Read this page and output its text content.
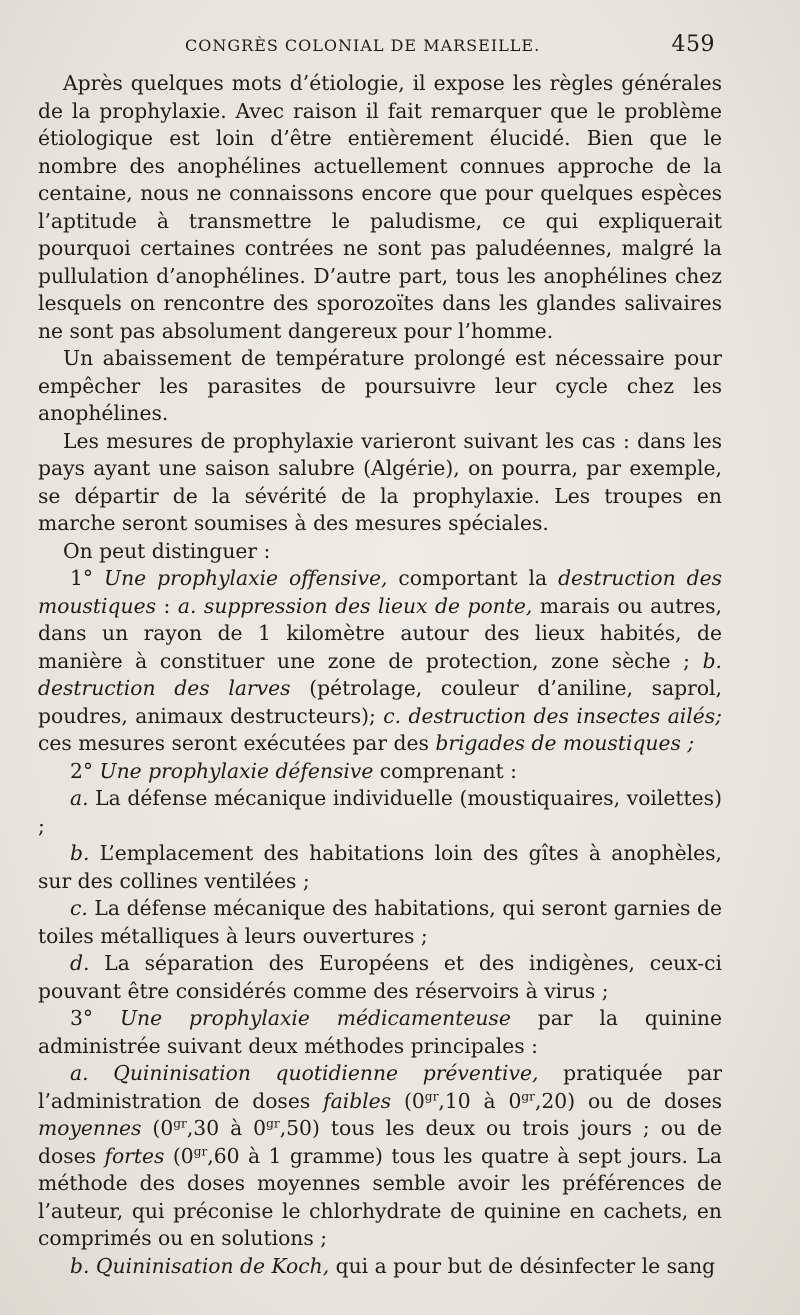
CONGRÈS COLONIAL DE MARSEILLE.	459

Après quelques mots d’étiologie, il expose les règles générales de la prophylaxie. Avec raison il fait remarquer que le problème étiologique est loin d’être entièrement élucidé. Bien que le nombre des anophélines actuellement connues approche de la centaine, nous ne connaissons encore que pour quelques espèces l’aptitude à transmettre le paludisme, ce qui expliquerait pourquoi certaines contrées ne sont pas paludéennes, malgré la pullulation d’anophélines. D’autre part, tous les anophélines chez lesquels on rencontre des sporozoïtes dans les glandes salivaires ne sont pas absolument dangereux pour l’homme.

Un abaissement de température prolongé est nécessaire pour empêcher les parasites de poursuivre leur cycle chez les anophélines.

Les mesures de prophylaxie varieront suivant les cas : dans les pays ayant une saison salubre (Algérie), on pourra, par exemple, se départir de la sévérité de la prophylaxie. Les troupes en marche seront soumises à des mesures spéciales.

On peut distinguer :

1° Une prophylaxie offensive, comportant la destruction des moustiques : a. suppression des lieux de ponte, marais ou autres, dans un rayon de 1 kilomètre autour des lieux habités, de manière à constituer une zone de protection, zone sèche ; b. destruction des larves (pétrolage, couleur d’aniline, saprol, poudres, animaux destructeurs); c. destruction des insectes ailés; ces mesures seront exécutées par des brigades de moustiques ;

2° Une prophylaxie défensive comprenant :

a. La défense mécanique individuelle (moustiquaires, voilettes) ;

b. L’emplacement des habitations loin des gîtes à anophèles, sur des collines ventilées ;

c. La défense mécanique des habitations, qui seront garnies de toiles métalliques à leurs ouvertures ;

d. La séparation des Européens et des indigènes, ceux-ci pouvant être considérés comme des réservoirs à virus ;

3° Une prophylaxie médicamenteuse par la quinine administrée suivant deux méthodes principales :

a. Quininisation quotidienne préventive, pratiquée par l’administration de doses faibles ($0^{gr},10$ à $0^{gr},20$) ou de doses moyennes ($0^{gr},30$ à $0^{gr},50$) tous les deux ou trois jours ; ou de doses fortes ($0^{gr},60$ à 1 gramme) tous les quatre à sept jours. La méthode des doses moyennes semble avoir les préférences de l’auteur, qui préconise le chlorhydrate de quinine en cachets, en comprimés ou en solutions ;

b. Quininisation de Koch, qui a pour but de désinfecter le sang
